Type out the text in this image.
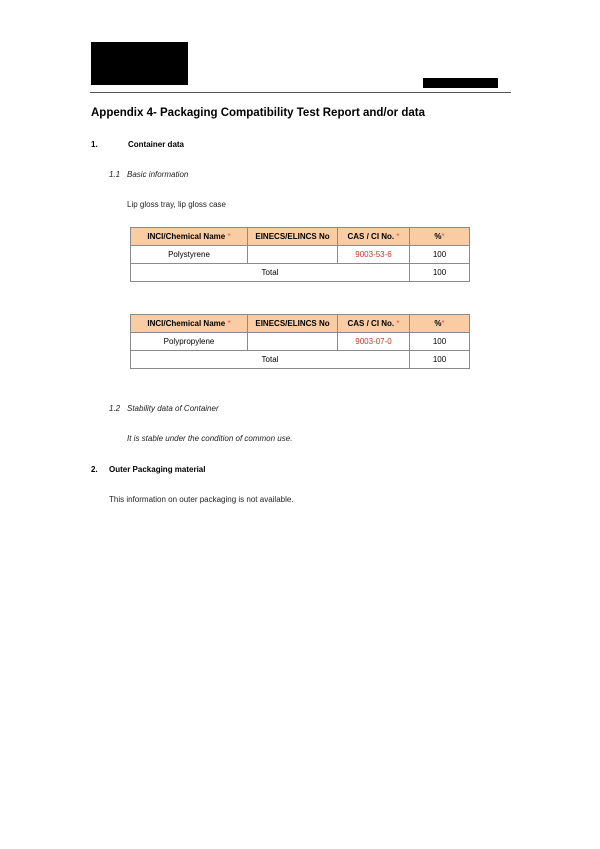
Appendix 4- Packaging Compatibility Test Report and/or data
1.	Container data
1.1 Basic information
Lip gloss tray, lip gloss case
INCI/Chemical Name *	EINECS/ELINCS No	CAS / CI No. *	%*
Polystyrene		9003-53-6	100
Total			100
INCI/Chemical Name *	EINECS/ELINCS No	CAS / CI No. *	%*
Polypropylene		9003-07-0	100
Total			100
1.2 Stability data of Container
It is stable under the condition of common use.
2. Outer Packaging material
This information on outer packaging is not available.
